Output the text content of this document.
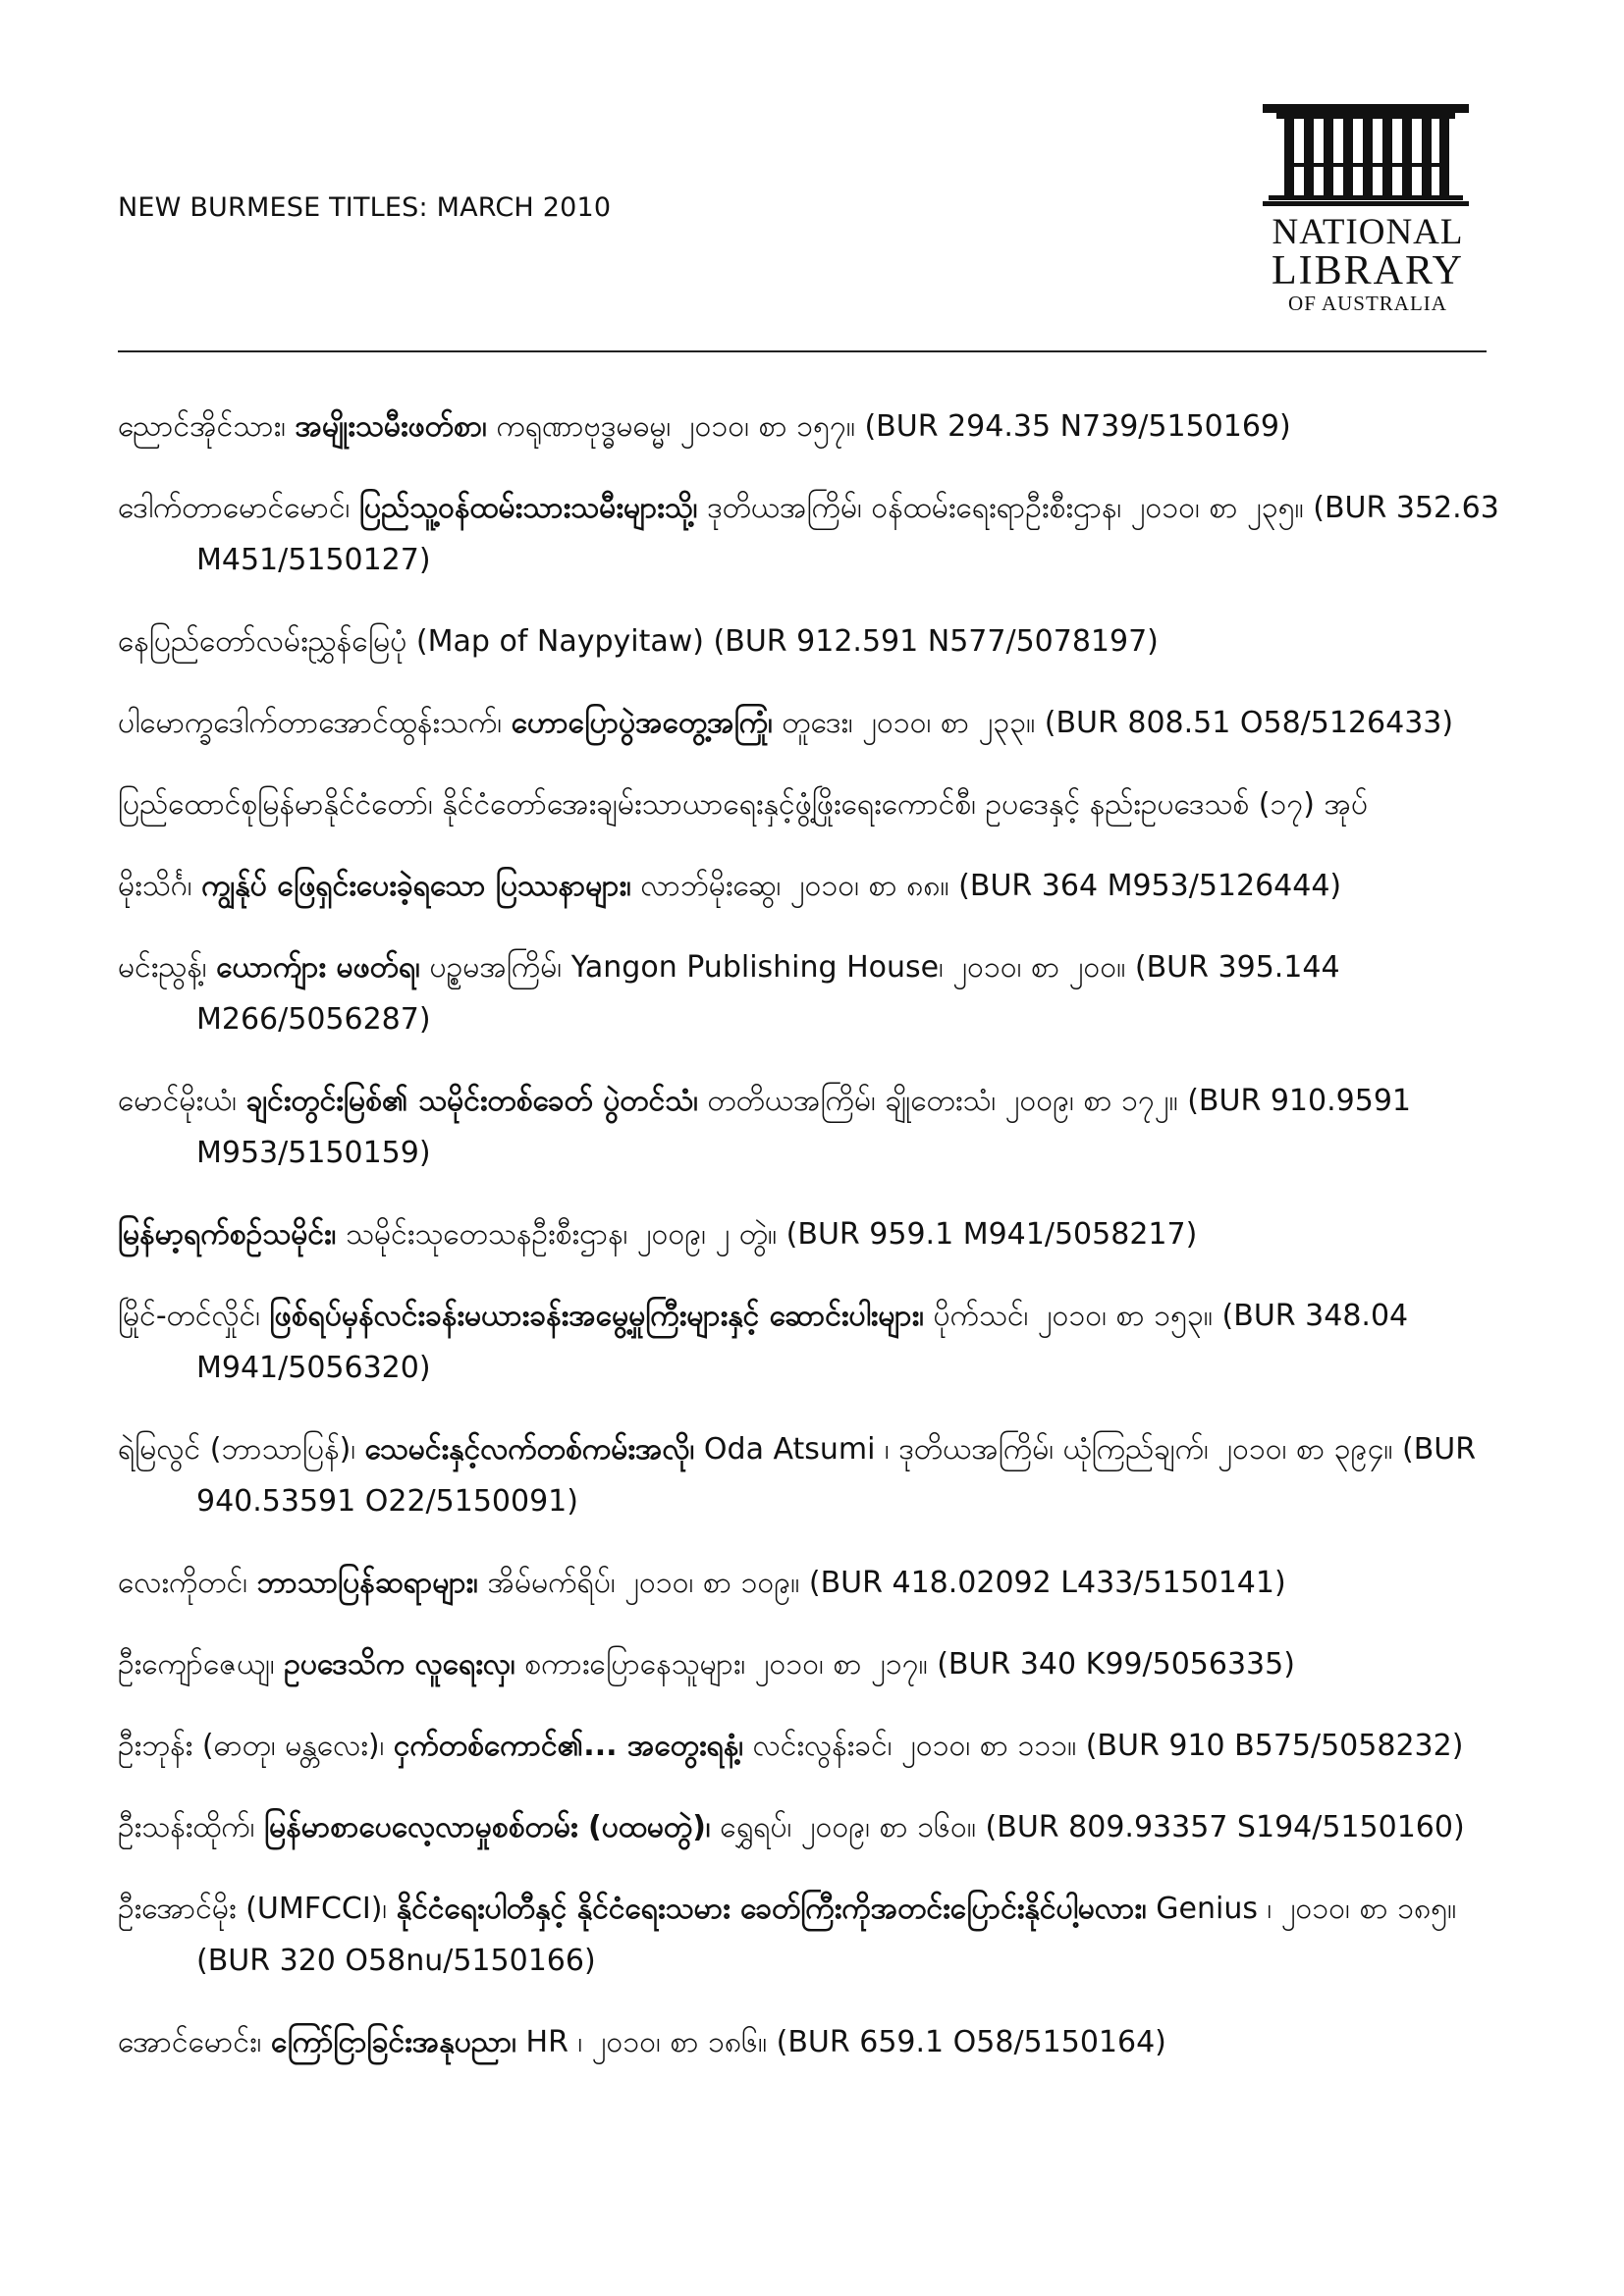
NEW BURMESE TITLES: MARCH 2010
NATIONAL
LIBRARY
OF AUSTRALIA

ညောင်အိုင်သား၊ အမျိုးသမီးဖတ်စာ၊ ကရုဏာဗုဒ္ဓမဓမ္မ၊ ၂၀၁၀၊ စာ ၁၅၇။ (BUR 294.35 N739/5150169)

ဒေါက်တာမောင်မောင်၊ ပြည်သူ့ဝန်ထမ်းသားသမီးများသို့၊ ဒုတိယအကြိမ်၊ ဝန်ထမ်းရေးရာဦးစီးဌာန၊ ၂၀၁၀၊ စာ ၂၃၅။ (BUR 352.63 M451/5150127)

နေပြည်တော်လမ်းညွှန်မြေပုံ (Map of Naypyitaw) (BUR 912.591 N577/5078197)

ပါမောက္ခဒေါက်တာအောင်ထွန်းသက်၊ ဟောပြောပွဲအတွေ့အကြုံ၊ တူဒေး၊ ၂၀၁၀၊ စာ ၂၃၃။ (BUR 808.51 O58/5126433)

ပြည်ထောင်စုမြန်မာနိုင်ငံတော်၊ နိုင်ငံတော်အေးချမ်းသာယာရေးနှင့်ဖွံ့ဖြိုးရေးကောင်စီ၊ ဥပဒေနှင့် နည်းဥပဒေသစ် (၁၇) အုပ်

မိုးသိင်္ဂ၊ ကျွန်ုပ် ဖြေရှင်းပေးခဲ့ရသော ပြဿနာများ၊ လာဘ်မိုးဆွေ၊ ၂၀၁၀၊ စာ ၈၈။ (BUR 364 M953/5126444)

မင်းညွန့်၊ ယောက်ျား မဖတ်ရ၊ ပဥ္စမအကြိမ်၊ Yangon Publishing House၊ ၂၀၁၀၊ စာ ၂၀၀။ (BUR 395.144 M266/5056287)

မောင်မိုးယံ၊ ချင်းတွင်းမြစ်၏ သမိုင်းတစ်ခေတ် ပွဲတင်သံ၊ တတိယအကြိမ်၊ ချိုတေးသံ၊ ၂၀၀၉၊ စာ ၁၇၂။ (BUR 910.9591 M953/5150159)

မြန်မာ့ရက်စဉ်သမိုင်း၊ သမိုင်းသုတေသနဦးစီးဌာန၊ ၂၀၀၉၊ ၂ တွဲ။ (BUR 959.1 M941/5058217)

မြိုင်-တင်လှိုင်၊ ဖြစ်ရပ်မှန်လင်းခန်းမယားခန်းအမွေ့မှုကြီးများနှင့် ဆောင်းပါးများ၊ ပိုက်သင်၊ ၂၀၁၀၊ စာ ၁၅၃။ (BUR 348.04 M941/5056320)

ရဲမြလွင် (ဘာသာပြန်)၊ သေမင်းနှင့်လက်တစ်ကမ်းအလို၊ Oda Atsumi ၊ ဒုတိယအကြိမ်၊ ယုံကြည်ချက်၊ ၂၀၁၀၊ စာ ၃၉၄။ (BUR 940.53591 O22/5150091)

လေးကိုတင်၊ ဘာသာပြန်ဆရာများ၊ အိမ်မက်ရိပ်၊ ၂၀၁၀၊ စာ ၁၀၉။ (BUR 418.02092 L433/5150141)

ဦးကျော်ဇေယျ၊ ဥပဒေသိက လူရေးလှ၊ စကားပြောနေသူများ၊ ၂၀၁၀၊ စာ ၂၁၇။ (BUR 340 K99/5056335)

ဦးဘုန်း (ဓာတု၊ မန္တလေး)၊ ငှက်တစ်ကောင်၏... အတွေးရနံ့၊ လင်းလွန်းခင်၊ ၂၀၁၀၊ စာ ၁၁၁။ (BUR 910 B575/5058232)

ဦးသန်းထိုက်၊ မြန်မာစာပေလေ့လာမှုစစ်တမ်း (ပထမတွဲ)၊ ရွှေရပ်၊ ၂၀၀၉၊ စာ ၁၆၀။ (BUR 809.93357 S194/5150160)

ဦးအောင်မိုး (UMFCCI)၊ နိုင်ငံရေးပါတီနှင့် နိုင်ငံရေးသမား ခေတ်ကြီးကိုအတင်းပြောင်းနိုင်ပါ့မလား၊ Genius ၊ ၂၀၁၀၊ စာ ၁၈၅။ (BUR 320 O58nu/5150166)

အောင်မောင်း၊ ကြော်ငြာခြင်းအနုပညာ၊ HR ၊ ၂၀၁၀၊ စာ ၁၈၆။ (BUR 659.1 O58/5150164)
